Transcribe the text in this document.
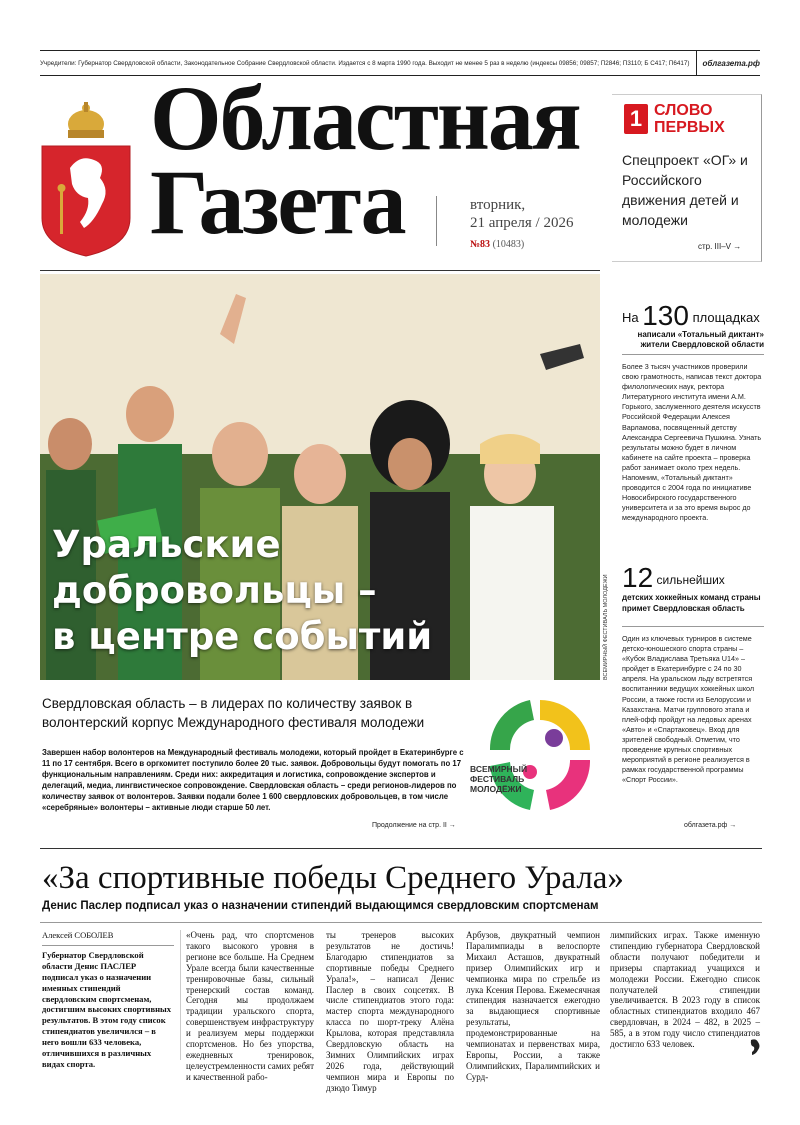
Учредители: Губернатор Свердловской области, Законодательное Собрание Свердловской области. Издается с 8 марта 1990 года. Выходит не менее 5 раз в неделю (индексы 09856; 09857; П2846; П3110; Б С417; П6417)	облгазета.рф
Областная
Газета	вторник,
21 апреля / 2026
№83 (10483)
1 СЛОВО
ПЕРВЫХ
Спецпроект «ОГ» и Российского движения детей и молодежи
стр. III–V →
Уральские
добровольцы –
в центре событий	ВСЕМИРНЫЙ ФЕСТИВАЛЬ МОЛОДЕЖИ
Свердловская область – в лидерах по количеству заявок в волонтерский корпус Международного фестиваля молодежи
Завершен набор волонтеров на Международный фестиваль молодежи, который пройдет в Екатеринбурге с 11 по 17 сентября. Всего в оргкомитет поступило более 20 тыс. заявок. Добровольцы будут помогать по 17 функциональным направлениям. Среди них: аккредитация и логистика, сопровождение экспертов и делегаций, медиа, лингвистическое сопровождение. Свердловская область – среди регионов-лидеров по количеству заявок от волонтеров. Заявки подали более 1 600 свердловских добровольцев, в том числе «серебряные» волонтеры – активные люди старше 50 лет.
Продолжение на стр. II →
ВСЕМИРНЫЙ
ФЕСТИВАЛЬ
МОЛОДЁЖИ
На 130 площадках
написали «Тотальный диктант» жители Свердловской области
Более 3 тысяч участников проверили свою грамотность, написав текст доктора филологических наук, ректора Литературного института имени А.М. Горького, заслуженного деятеля искусств Российской Федерации Алексея Варламова, посвященный детству Александра Сергеевича Пушкина. Узнать результаты можно будет в личном кабинете на сайте проекта – проверка работ занимает около трех недель. Напомним, «Тотальный диктант» проводится с 2004 года по инициативе Новосибирского государственного университета и за это время вырос до международного проекта.
12 сильнейших
детских хоккейных команд страны примет Свердловская область
Один из ключевых турниров в системе детско-юношеского спорта страны – «Кубок Владислава Третьяка U14» – пройдет в Екатеринбурге с 24 по 30 апреля. На уральском льду встретятся воспитанники ведущих хоккейных школ России, а также гости из Белоруссии и Казахстана. Матчи группового этапа и плей-офф пройдут на ледовых аренах «Авто» и «Спартаковец». Вход для зрителей свободный. Отметим, что проведение крупных спортивных мероприятий в регионе реализуется в рамках государственной программы «Спорт России».
облгазета.рф →
«За спортивные победы Среднего Урала»
Денис Паслер подписал указ о назначении стипендий выдающимся свердловским спортсменам
Алексей СОБОЛЕВ
Губернатор Свердловской области Денис ПАСЛЕР подписал указ о назначении именных стипендий свердловским спортсменам, достигшим высоких спортивных результатов. В этом году список стипендиатов увеличился – в него вошли 633 человека, отличившихся в различных видах спорта.
«Очень рад, что спортсменов такого высокого уровня в регионе все больше. На Среднем Урале всегда были качественные тренировочные базы, сильный тренерский состав команд. Сегодня мы продолжаем традиции уральского спорта, совершенствуем инфраструктуру и реализуем меры поддержки спортсменов. Но без упорства, ежедневных тренировок, целеустремленности самих ребят и качественной рабо-
ты тренеров высоких результатов не достичь! Благодарю стипендиатов за спортивные победы Среднего Урала!», – написал Денис Паслер в своих соцсетях. В числе стипендиатов этого года: мастер спорта международного класса по шорт-треку Алёна Крылова, которая представляла Свердловскую область на Зимних Олимпийских играх 2026 года, действующий чемпион мира и Европы по дзюдо Тимур
Арбузов, двукратный чемпион Паралимпиады в велоспорте Михаил Асташов, двукратный призер Олимпийских игр и чемпионка мира по стрельбе из лука Ксения Перова. Ежемесячная стипендия назначается ежегодно за выдающиеся спортивные результаты, продемонстрированные на чемпионатах и первенствах мира, Европы, России, а также Олимпийских, Паралимпийских и Сурд-
лимпийских играх. Также именную стипендию губернатора Свердловской области получают победители и призеры спартакиад учащихся и молодежи России. Ежегодно список получателей стипендии увеличивается. В 2023 году в список областных стипендиатов входило 467 свердловчан, в 2024 – 482, в 2025 – 585, а в этом году число стипендиатов достигло 633 человек.
